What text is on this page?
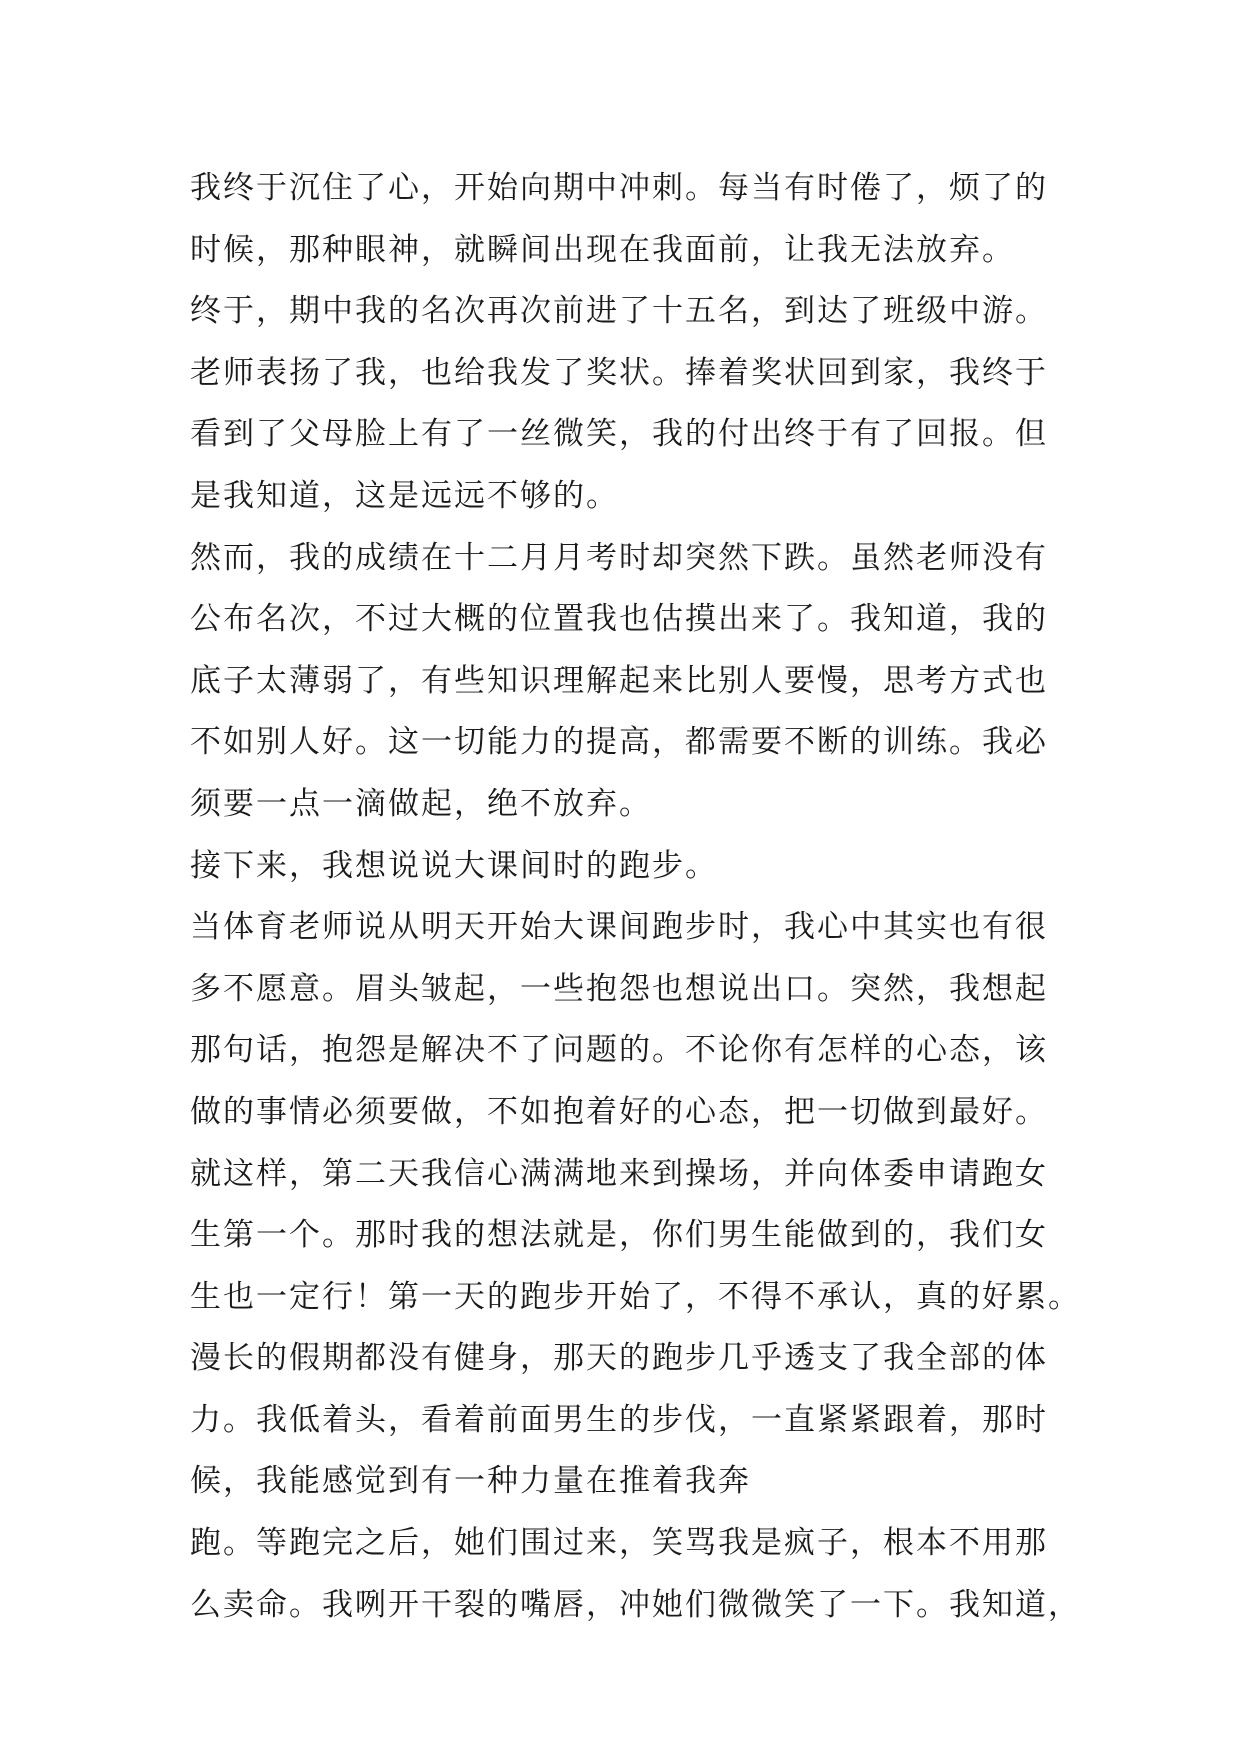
我终于沉住了心，开始向期中冲刺。每当有时倦了，烦了的
时候，那种眼神，就瞬间出现在我面前，让我无法放弃。
终于，期中我的名次再次前进了十五名，到达了班级中游。
老师表扬了我，也给我发了奖状。捧着奖状回到家，我终于
看到了父母脸上有了一丝微笑，我的付出终于有了回报。但
是我知道，这是远远不够的。
然而，我的成绩在十二月月考时却突然下跌。虽然老师没有
公布名次，不过大概的位置我也估摸出来了。我知道，我的
底子太薄弱了，有些知识理解起来比别人要慢，思考方式也
不如别人好。这一切能力的提高，都需要不断的训练。我必
须要一点一滴做起，绝不放弃。
接下来，我想说说大课间时的跑步。
当体育老师说从明天开始大课间跑步时，我心中其实也有很
多不愿意。眉头皱起，一些抱怨也想说出口。突然，我想起
那句话，抱怨是解决不了问题的。不论你有怎样的心态，该
做的事情必须要做，不如抱着好的心态，把一切做到最好。
就这样，第二天我信心满满地来到操场，并向体委申请跑女
生第一个。那时我的想法就是，你们男生能做到的，我们女
生也一定行！第一天的跑步开始了，不得不承认，真的好累。
漫长的假期都没有健身，那天的跑步几乎透支了我全部的体
力。我低着头，看着前面男生的步伐，一直紧紧跟着，那时
候，我能感觉到有一种力量在推着我奔
跑。等跑完之后，她们围过来，笑骂我是疯子，根本不用那
么卖命。我咧开干裂的嘴唇，冲她们微微笑了一下。我知道，
